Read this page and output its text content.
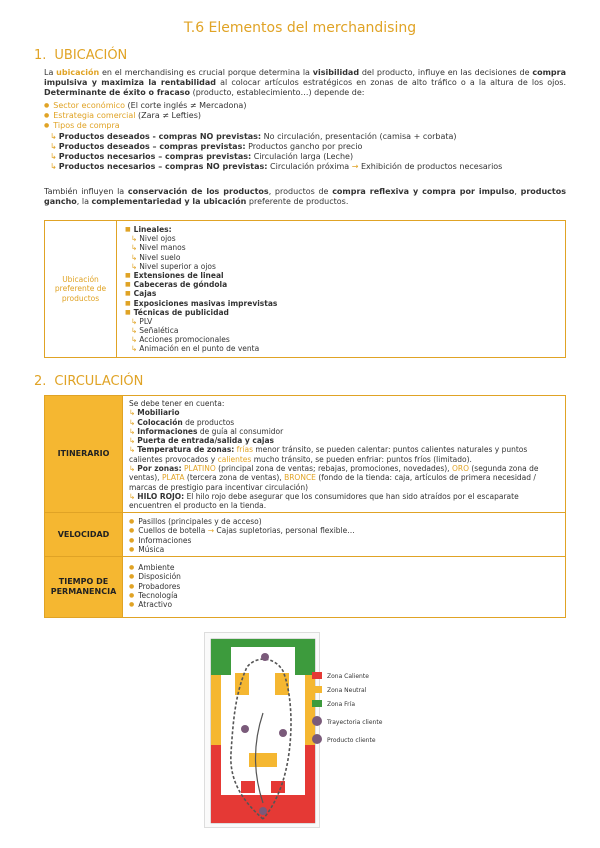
T.6 Elementos del merchandising
1. UBICACIÓN
La ubicación en el merchandising es crucial porque determina la visibilidad del producto, influye en las decisiones de compra impulsiva y maximiza la rentabilidad al colocar artículos estratégicos en zonas de alto tráfico o a la altura de los ojos. Determinante de éxito o fracaso (producto, establecimiento…) depende de:
● Sector económico (El corte inglés ≠ Mercadona)
● Estrategia comercial (Zara ≠ Lefties)
● Tipos de compra
↳ Productos deseados - compras NO previstas: No circulación, presentación (camisa + corbata)
↳ Productos deseados – compras previstas: Productos gancho por precio
↳ Productos necesarios – compras previstas: Circulación larga (Leche)
↳ Productos necesarios – compras NO previstas: Circulación próxima → Exhibición de productos necesarios
También influyen la conservación de los productos, productos de compra reflexiva y compra por impulso, productos gancho, la complementariedad y la ubicación preferente de productos.
Ubicación preferente de productos
■ Lineales:
↳ Nivel ojos
↳ Nivel manos
↳ Nivel suelo
↳ Nivel superior a ojos
■ Extensiones de lineal
■ Cabeceras de góndola
■ Cajas
■ Exposiciones masivas imprevistas
■ Técnicas de publicidad
↳ PLV
↳ Señalética
↳ Acciones promocionales
↳ Animación en el punto de venta
2. CIRCULACIÓN
ITINERARIO
Se debe tener en cuenta:
↳ Mobiliario
↳ Colocación de productos
↳ Informaciones de guía al consumidor
↳ Puerta de entrada/salida y cajas
↳ Temperatura de zonas: frías menor tránsito, se pueden calentar: puntos calientes naturales y puntos calientes provocados y calientes mucho tránsito, se pueden enfriar: puntos fríos (limitado).
↳ Por zonas: PLATINO (principal zona de ventas; rebajas, promociones, novedades), ORO (segunda zona de ventas), PLATA (tercera zona de ventas), BRONCE (fondo de la tienda: caja, artículos de primera necesidad / marcas de prestigio para incentivar circulación)
↳ HILO ROJO: El hilo rojo debe asegurar que los consumidores que han sido atraídos por el escaparate encuentren el producto en la tienda.
VELOCIDAD
● Pasillos (principales y de acceso)
● Cuellos de botella → Cajas supletorias, personal flexible…
● Informaciones
● Música
TIEMPO DE PERMANENCIA
● Ambiente
● Disposición
● Probadores
● Tecnología
● Atractivo
Zona Caliente
Zona Neutral
Zona Fría
Trayectoria cliente
Producto cliente
